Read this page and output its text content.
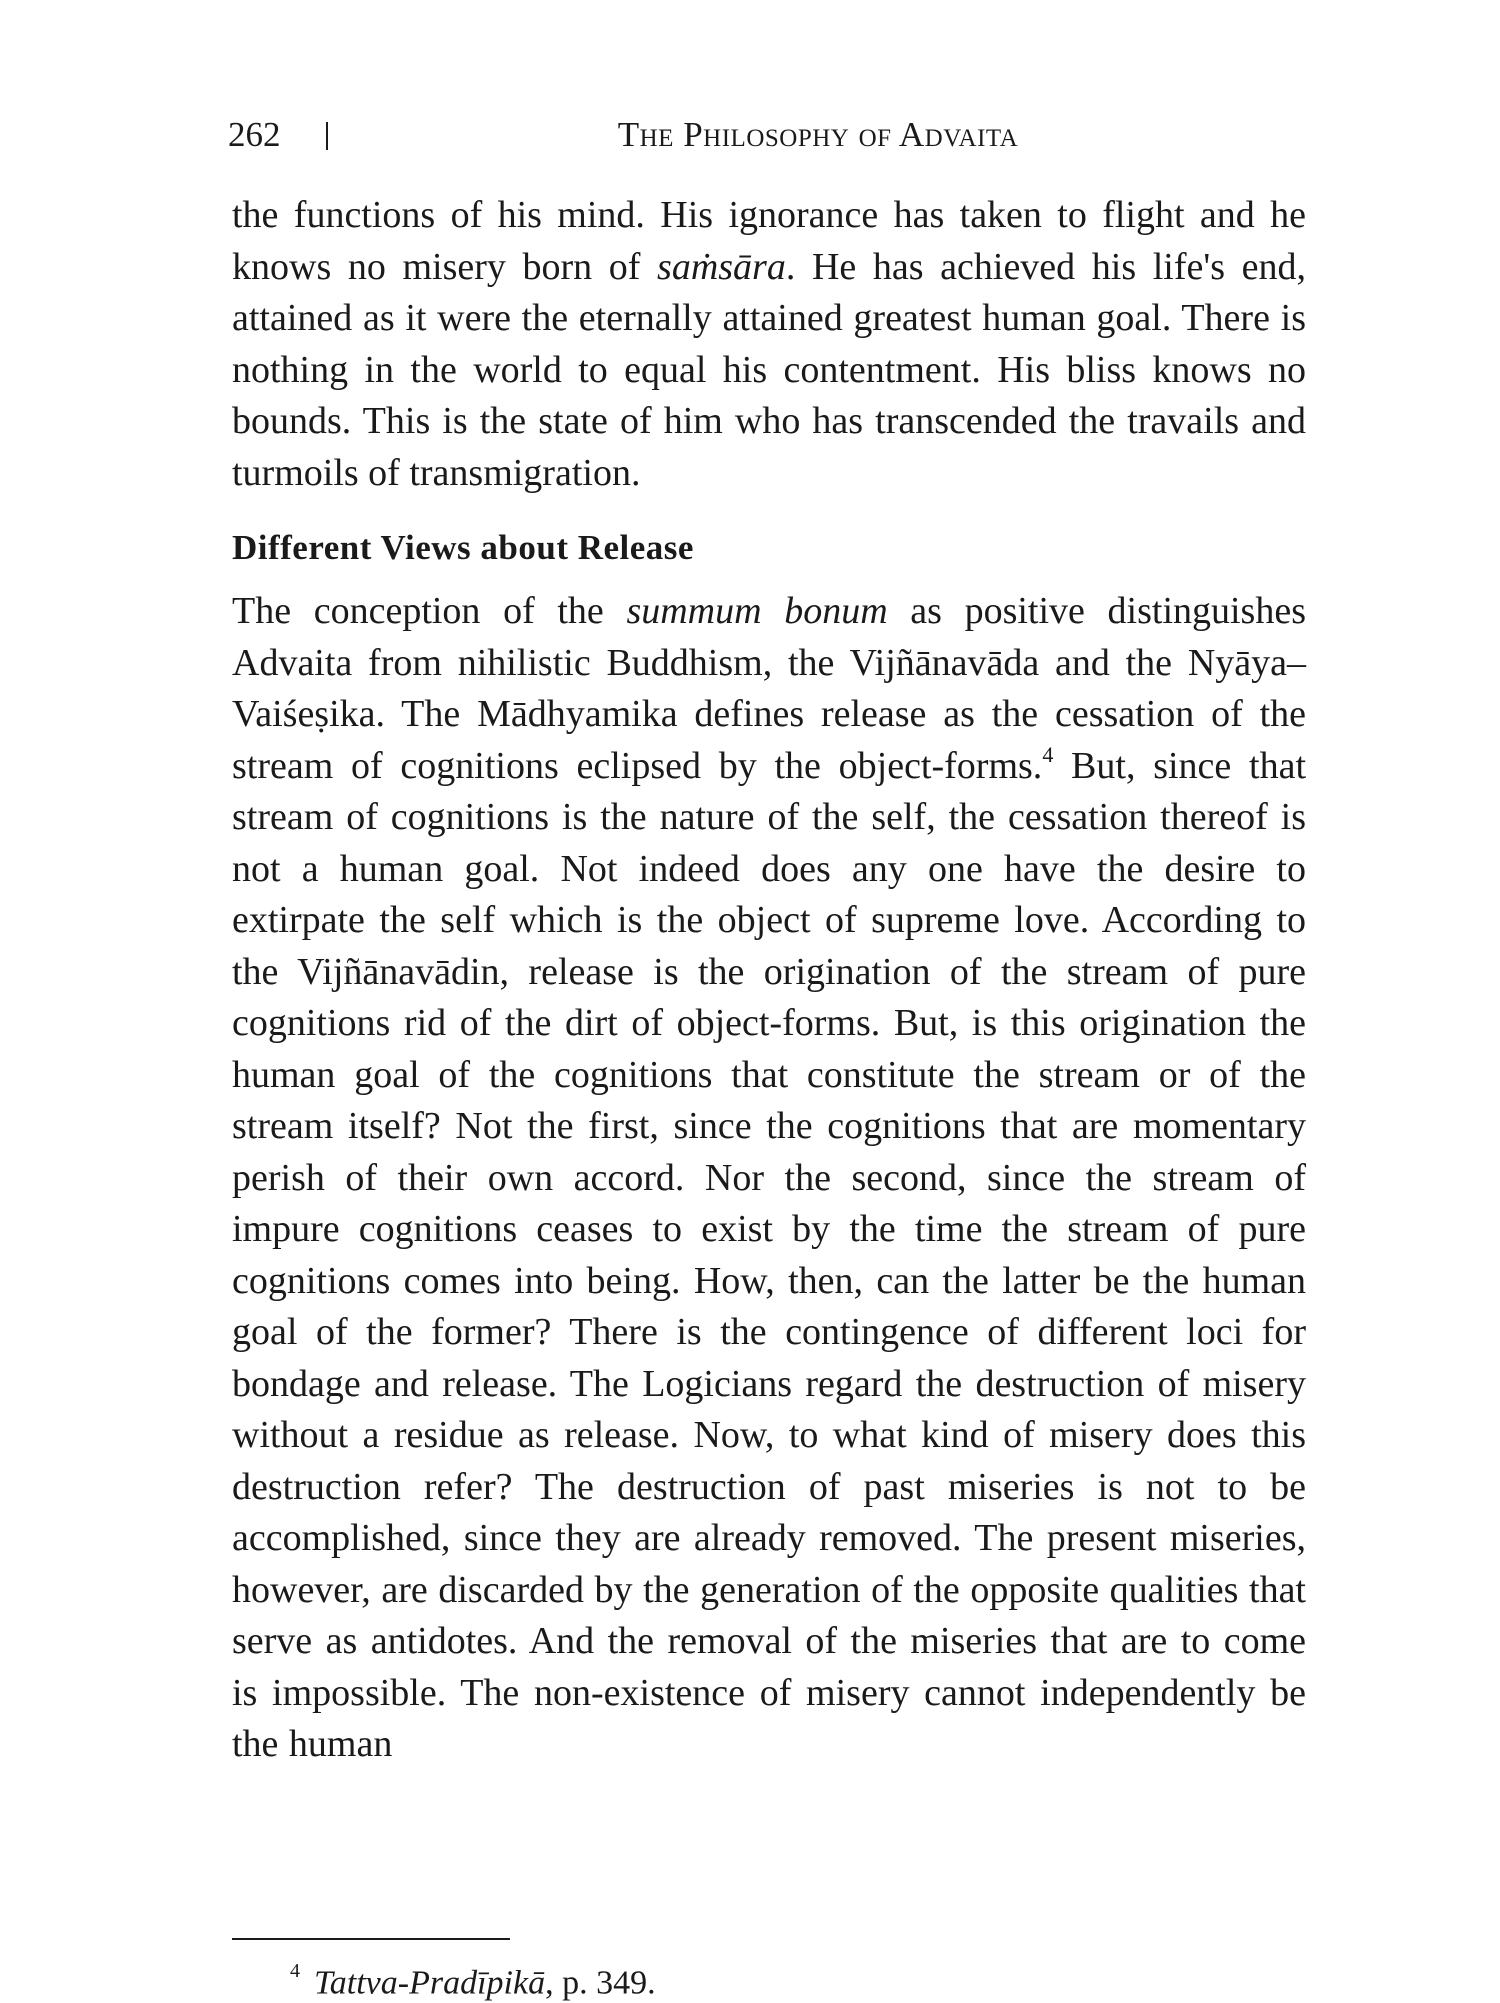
262	The Philosophy of Advaita

the functions of his mind. His ignorance has taken to flight and he knows no misery born of saṁsāra. He has achieved his life's end, attained as it were the eternally attained greatest human goal. There is nothing in the world to equal his contentment. His bliss knows no bounds. This is the state of him who has transcended the travails and turmoils of transmigration.

Different Views about Release

The conception of the summum bonum as positive distinguishes Advaita from nihilistic Buddhism, the Vijñānavāda and the Nyāya–Vaiśeṣika. The Mādhyamika defines release as the cessation of the stream of cognitions eclipsed by the object-forms.$^4$ But, since that stream of cognitions is the nature of the self, the cessation thereof is not a human goal. Not indeed does any one have the desire to extirpate the self which is the object of supreme love. According to the Vijñānavādin, release is the origination of the stream of pure cognitions rid of the dirt of object-forms. But, is this origination the human goal of the cognitions that constitute the stream or of the stream itself? Not the first, since the cognitions that are momentary perish of their own accord. Nor the second, since the stream of impure cognitions ceases to exist by the time the stream of pure cognitions comes into being. How, then, can the latter be the human goal of the former? There is the contingence of different loci for bondage and release. The Logicians regard the destruction of misery without a residue as release. Now, to what kind of misery does this destruction refer? The destruction of past miseries is not to be accomplished, since they are already removed. The present miseries, however, are discarded by the generation of the opposite qualities that serve as antidotes. And the removal of the miseries that are to come is impossible. The non-existence of misery cannot independently be the human

$^4$ Tattva-Pradīpikā, p. 349.
